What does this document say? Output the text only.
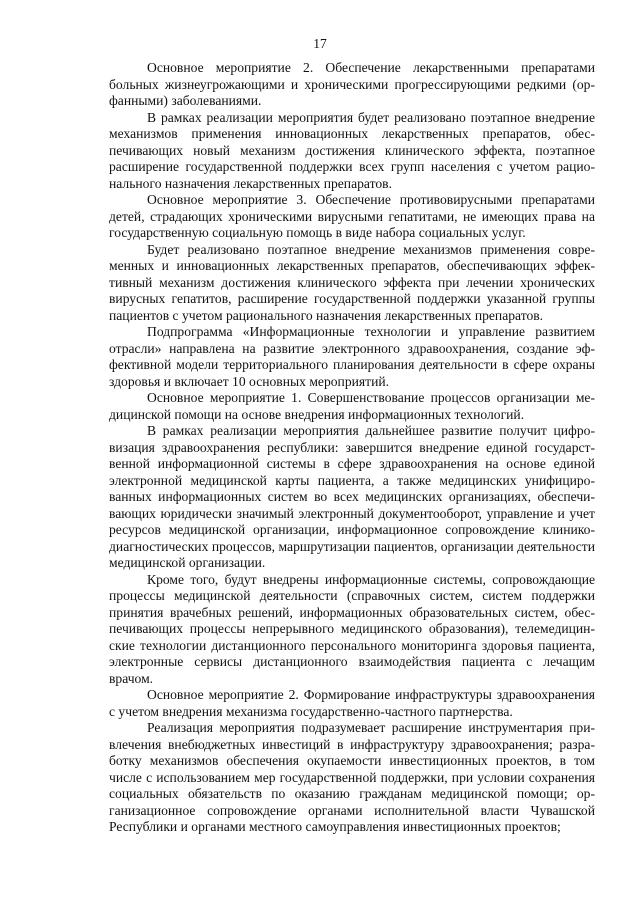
17

Основное мероприятие 2. Обеспечение лекарственными препаратами больных жизнеугрожающими и хроническими прогрессирующими редкими (орфанными) заболеваниями.

В рамках реализации мероприятия будет реализовано поэтапное внедрение механизмов применения инновационных лекарственных препаратов, обеспечивающих новый механизм достижения клинического эффекта, поэтапное расширение государственной поддержки всех групп населения с учетом рационального назначения лекарственных препаратов.

Основное мероприятие 3. Обеспечение противовирусными препаратами детей, страдающих хроническими вирусными гепатитами, не имеющих права на государственную социальную помощь в виде набора социальных услуг.

Будет реализовано поэтапное внедрение механизмов применения современных и инновационных лекарственных препаратов, обеспечивающих эффективный механизм достижения клинического эффекта при лечении хронических вирусных гепатитов, расширение государственной поддержки указанной группы пациентов с учетом рационального назначения лекарственных препаратов.

Подпрограмма «Информационные технологии и управление развитием отрасли» направлена на развитие электронного здравоохранения, создание эффективной модели территориального планирования деятельности в сфере охраны здоровья и включает 10 основных мероприятий.

Основное мероприятие 1. Совершенствование процессов организации медицинской помощи на основе внедрения информационных технологий.

В рамках реализации мероприятия дальнейшее развитие получит цифровизация здравоохранения республики: завершится внедрение единой государственной информационной системы в сфере здравоохранения на основе единой электронной медицинской карты пациента, а также медицинских унифицированных информационных систем во всех медицинских организациях, обеспечивающих юридически значимый электронный документооборот, управление и учет ресурсов медицинской организации, информационное сопровождение клинико-диагностических процессов, маршрутизации пациентов, организации деятельности медицинской организации.

Кроме того, будут внедрены информационные системы, сопровождающие процессы медицинской деятельности (справочных систем, систем поддержки принятия врачебных решений, информационных образовательных систем, обеспечивающих процессы непрерывного медицинского образования), телемедицинские технологии дистанционного персонального мониторинга здоровья пациента, электронные сервисы дистанционного взаимодействия пациента с лечащим врачом.

Основное мероприятие 2. Формирование инфраструктуры здравоохранения с учетом внедрения механизма государственно-частного партнерства.

Реализация мероприятия подразумевает расширение инструментария привлечения внебюджетных инвестиций в инфраструктуру здравоохранения; разработку механизмов обеспечения окупаемости инвестиционных проектов, в том числе с использованием мер государственной поддержки, при условии сохранения социальных обязательств по оказанию гражданам медицинской помощи; организационное сопровождение органами исполнительной власти Чувашской Республики и органами местного самоуправления инвестиционных проектов;
